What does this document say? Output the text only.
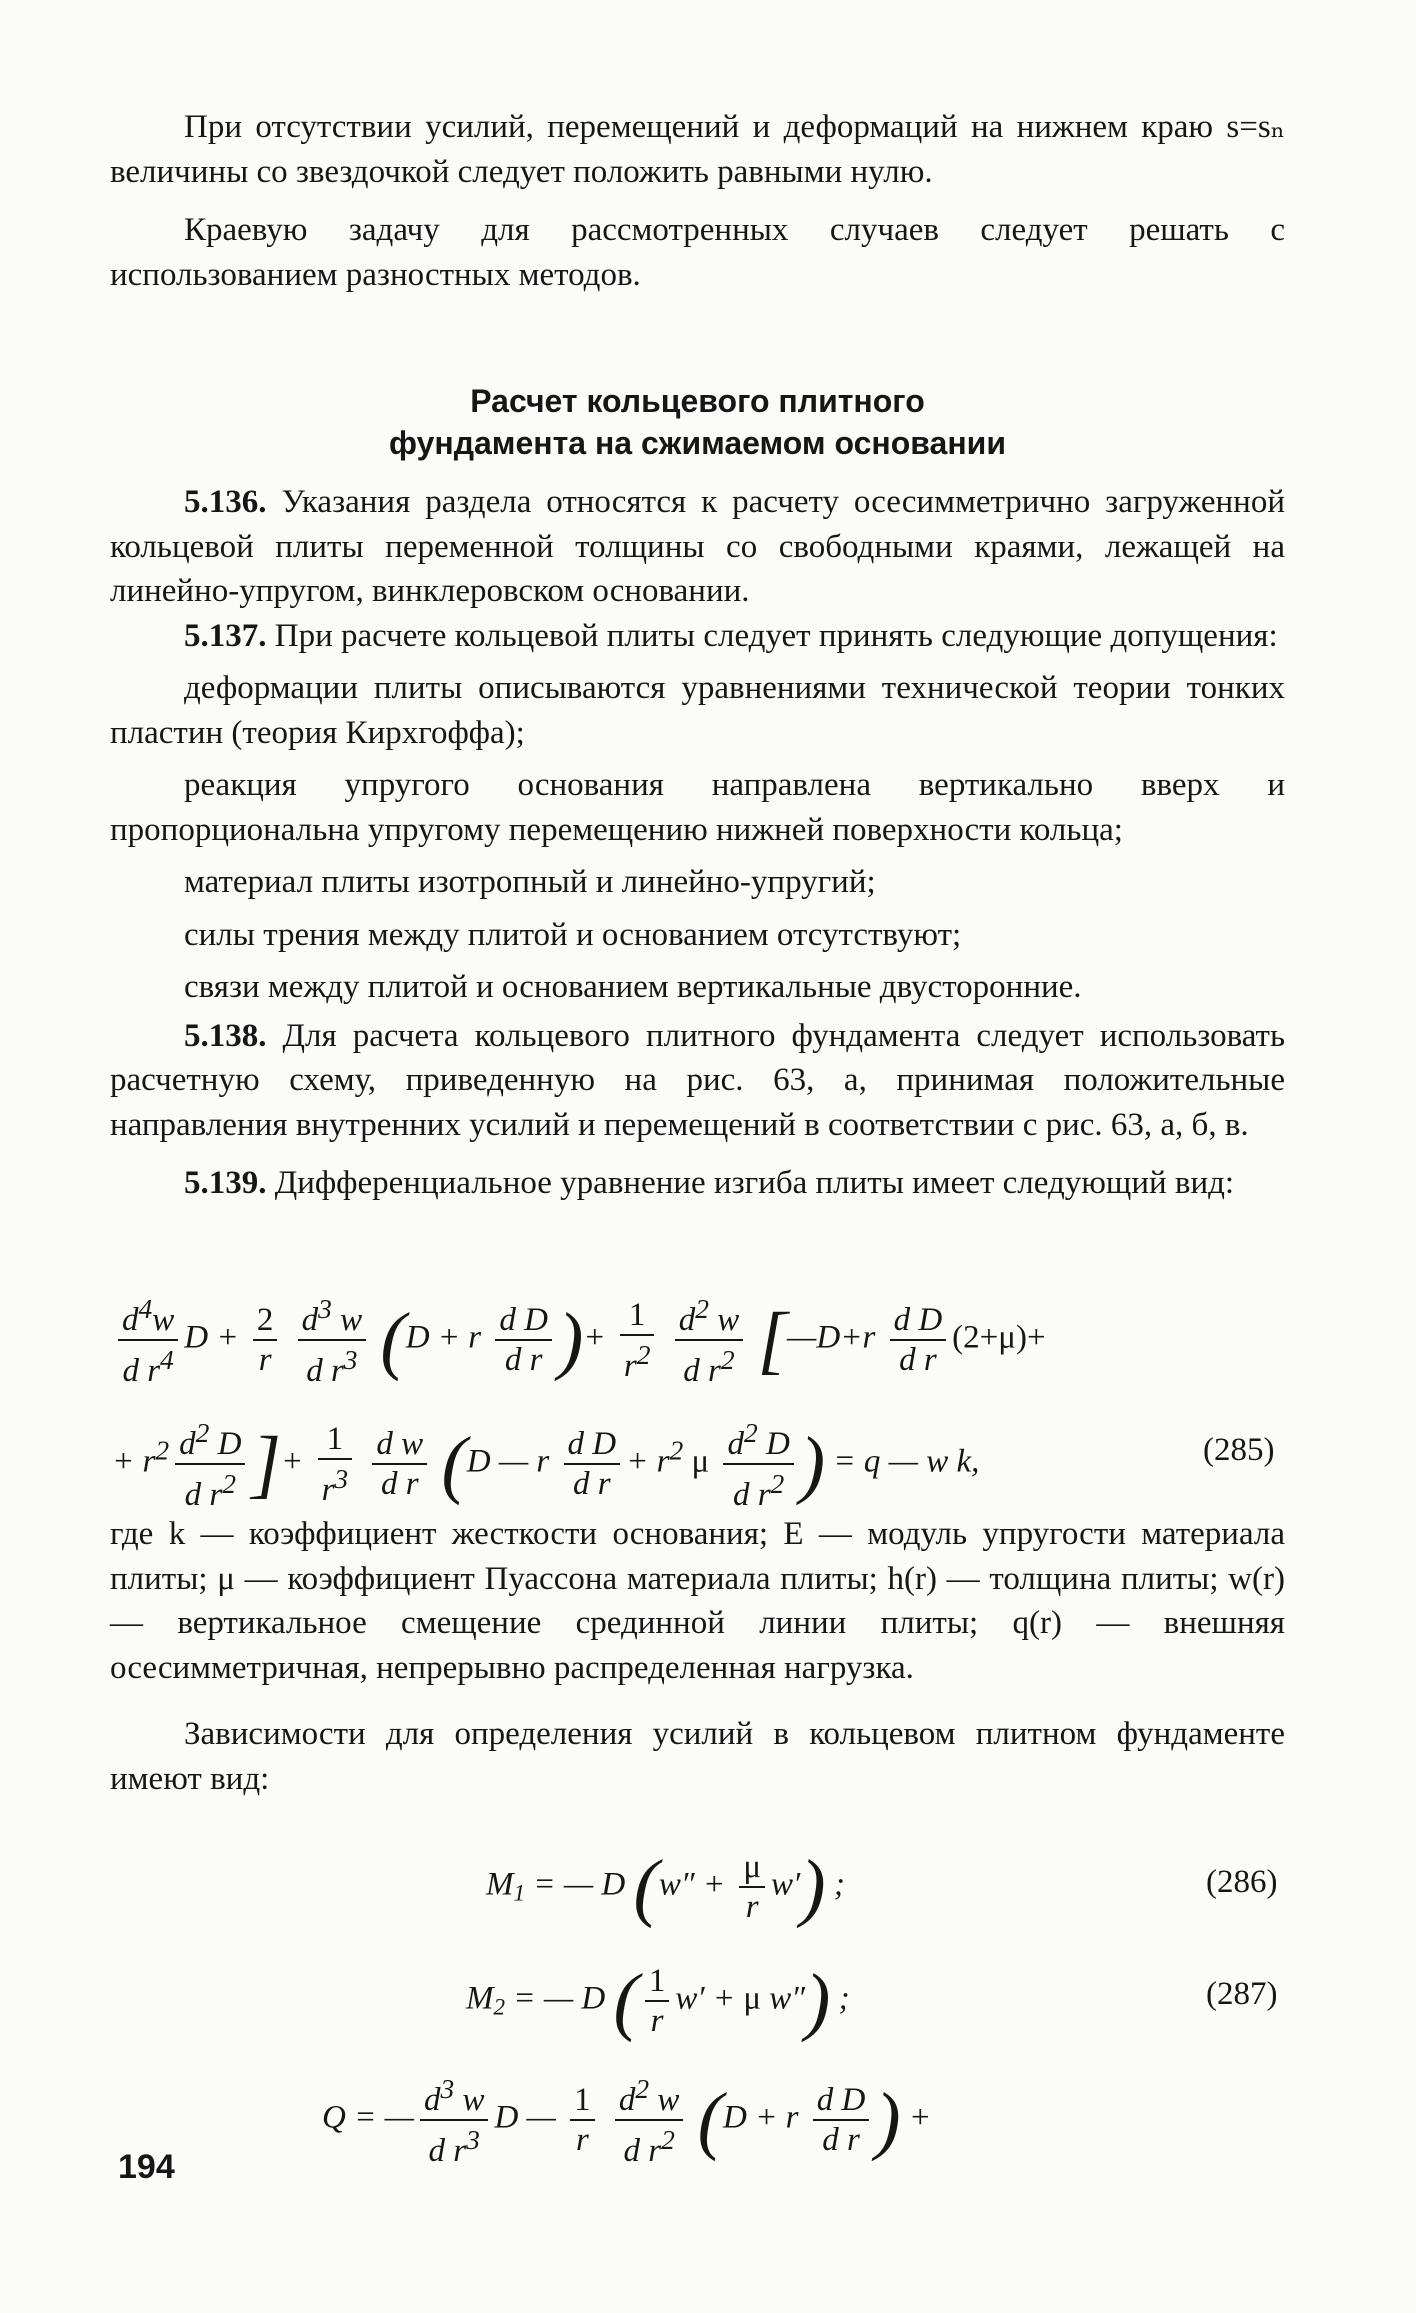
При отсутствии усилий, перемещений и деформаций на нижнем краю s=sₙ величины со звездочкой следует положить равными нулю.

Краевую задачу для рассмотренных случаев следует решать с использованием разностных методов.

Расчет кольцевого плитного
фундамента на сжимаемом основании

5.136. Указания раздела относятся к расчету осесимметрично загруженной кольцевой плиты переменной толщины со свободными краями, лежащей на линейно-упругом, винклеровском основании.

5.137. При расчете кольцевой плиты следует принять следующие допущения:

деформации плиты описываются уравнениями технической теории тонких пластин (теория Кирхгоффа);

реакция упругого основания направлена вертикально вверх и пропорциональна упругому перемещению нижней поверхности кольца;

материал плиты изотропный и линейно-упругий;

силы трения между плитой и основанием отсутствуют;

связи между плитой и основанием вертикальные двусторонние.

5.138. Для расчета кольцевого плитного фундамента следует использовать расчетную схему, приведенную на рис. 63, а, принимая положительные направления внутренних усилий и перемещений в соответствии с рис. 63, а, б, в.

5.139. Дифференциальное уравнение изгиба плиты имеет следующий вид:

$\frac{d^4w}{d r^4}$ $D + \frac{2}{r}$
$\frac{d^3 w}{d r^3} (D + r \frac{\text{d D}}{\text{d r}}$ )+ $\frac{1}{r^2}$
$\frac{d^2 w}{d r^2}$ [—D+r $\frac{\text{d D}}{\text{d r}} (2+\mu)+$
+ $r^2 \frac{d^2 D}{d r^2}$ ]+ $\frac{1}{r^3}$
$\frac{\text{d w}}{\text{d r}} (D$ — r $\frac{\text{d D}}{\text{d r}} + r^2$ μ $\frac{d^2 D}{d r^2}$ ) = q — w k,	(285)

где k — коэффициент жесткости основания; E — модуль упругости материала плиты; μ — коэффициент Пуассона материала плиты; h(r) — толщина плиты; w(r) — вертикальное смещение срединной линии плиты; q(r) — внешняя осесимметричная, непрерывно распределенная нагрузка.

Зависимости для определения усилий в кольцевом плитном фундаменте имеют вид:

$M_1$ = — D $(w'' + \frac{\mu}{r} w')$ ;	(286)
$M_2$ = — D ( $\frac{1}{r} w' + \mu$ w″) ;	(287)
Q = — $\frac{d^3 w}{d r^3}$ D — $\frac{1}{r}$
$\frac{d^2 w}{d r^2} (D + r \frac{\text{d D}}{\text{d r}}$ ) +
194
